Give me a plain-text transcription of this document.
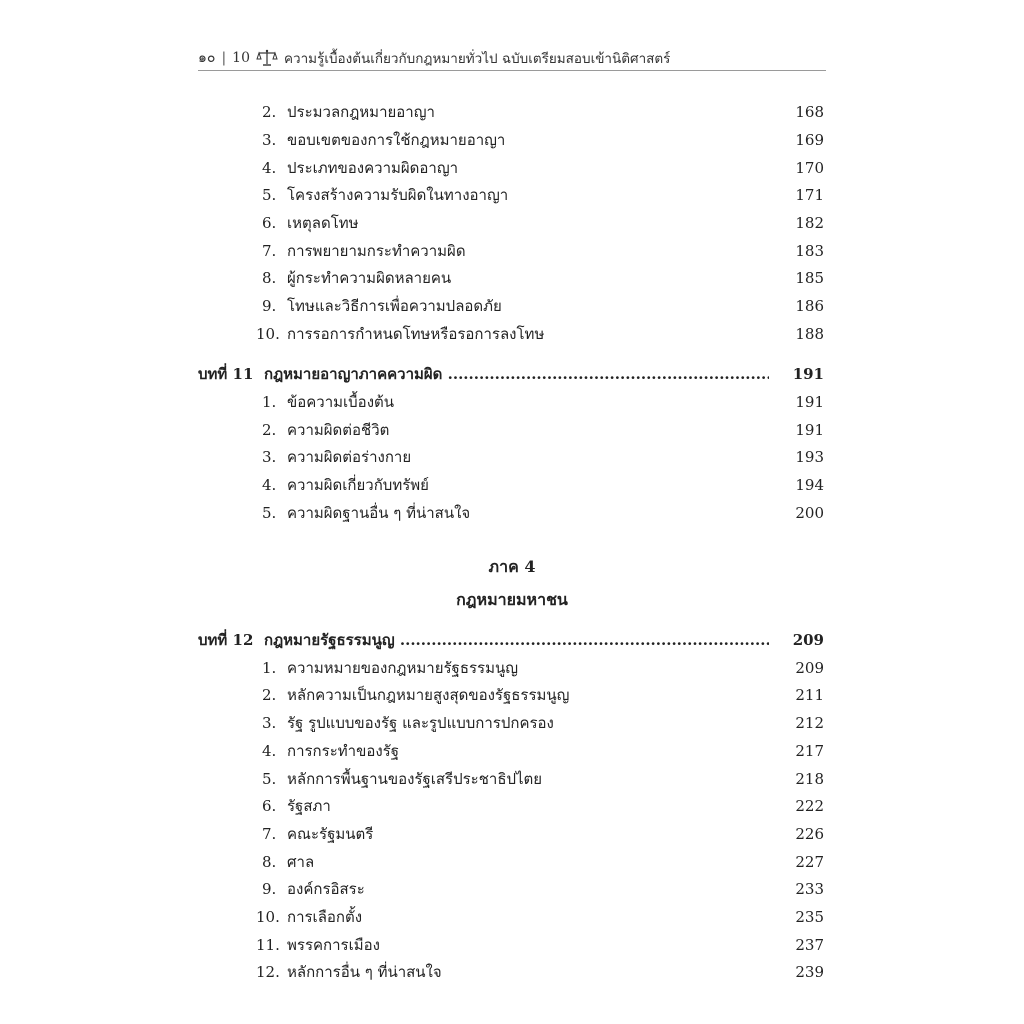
๑๐ | 10	ความรู้เบื้องต้นเกี่ยวกับกฎหมายทั่วไป ฉบับเตรียมสอบเข้านิติศาสตร์
2. ประมวลกฎหมายอาญา	168
3. ขอบเขตของการใช้กฎหมายอาญา	169
4. ประเภทของความผิดอาญา	170
5. โครงสร้างความรับผิดในทางอาญา	171
6. เหตุลดโทษ	182
7. การพยายามกระทำความผิด	183
8. ผู้กระทำความผิดหลายคน	185
9. โทษและวิธีการเพื่อความปลอดภัย	186
10. การรอการกำหนดโทษหรือรอการลงโทษ	188
บทที่ 11 กฎหมายอาญาภาคความผิด .....	191
1. ข้อความเบื้องต้น	191
2. ความผิดต่อชีวิต	191
3. ความผิดต่อร่างกาย	193
4. ความผิดเกี่ยวกับทรัพย์	194
5. ความผิดฐานอื่น ๆ ที่น่าสนใจ	200
ภาค 4
กฎหมายมหาชน
บทที่ 12 กฎหมายรัฐธรรมนูญ .....	209
1. ความหมายของกฎหมายรัฐธรรมนูญ	209
2. หลักความเป็นกฎหมายสูงสุดของรัฐธรรมนูญ	211
3. รัฐ รูปแบบของรัฐ และรูปแบบการปกครอง	212
4. การกระทำของรัฐ	217
5. หลักการพื้นฐานของรัฐเสรีประชาธิปไตย	218
6. รัฐสภา	222
7. คณะรัฐมนตรี	226
8. ศาล	227
9. องค์กรอิสระ	233
10. การเลือกตั้ง	235
11. พรรคการเมือง	237
12. หลักการอื่น ๆ ที่น่าสนใจ	239
